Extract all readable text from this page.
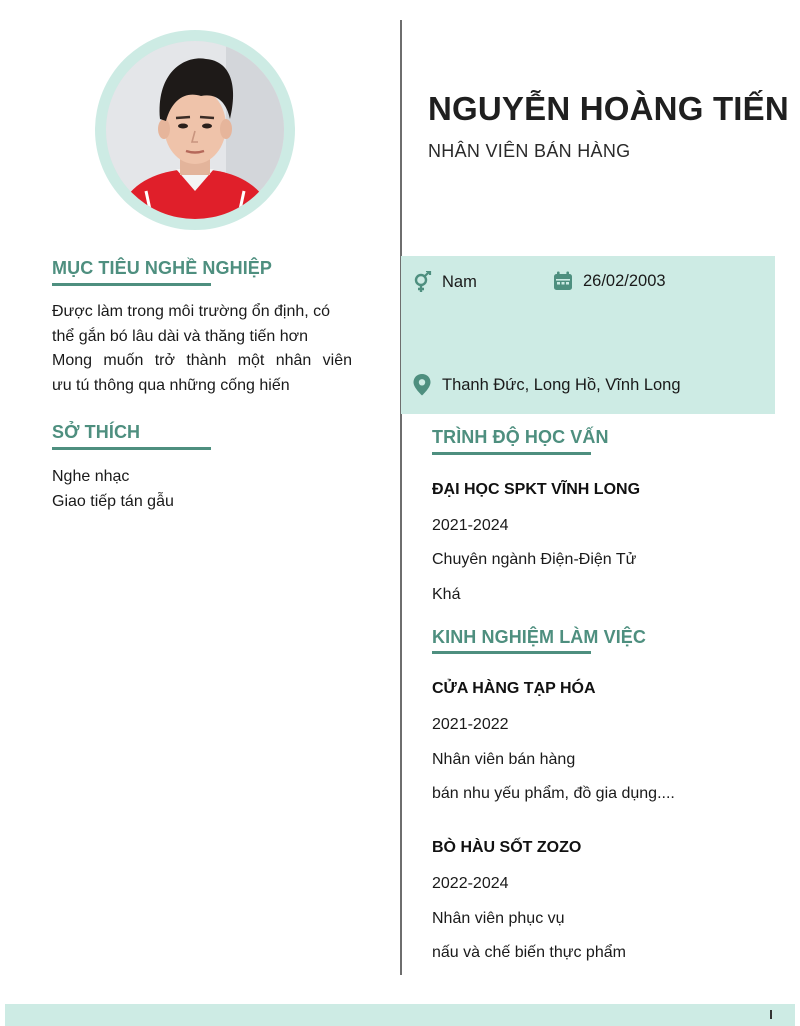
MỤC TIÊU NGHỀ NGHIỆP
Được làm trong môi trường ổn định, có
thể gắn bó lâu dài và thăng tiến hơn
Mong muốn trở thành một nhân viên
ưu tú thông qua những cống hiến
SỞ THÍCH
Nghe nhạc
Giao tiếp tán gẫu
NGUYỄN HOÀNG TIẾN
NHÂN VIÊN BÁN HÀNG
Nam	26/02/2003
Thanh Đức, Long Hồ, Vĩnh Long
TRÌNH ĐỘ HỌC VẤN
ĐẠI HỌC SPKT VĨNH LONG
2021-2024
Chuyên ngành Điện-Điện Tử
Khá
KINH NGHIỆM LÀM VIỆC
CỬA HÀNG TẠP HÓA
2021-2022
Nhân viên bán hàng
bán nhu yếu phẩm, đồ gia dụng....
BÒ HÀU SỐT ZOZO
2022-2024
Nhân viên phục vụ
nấu và chế biến thực phẩm
